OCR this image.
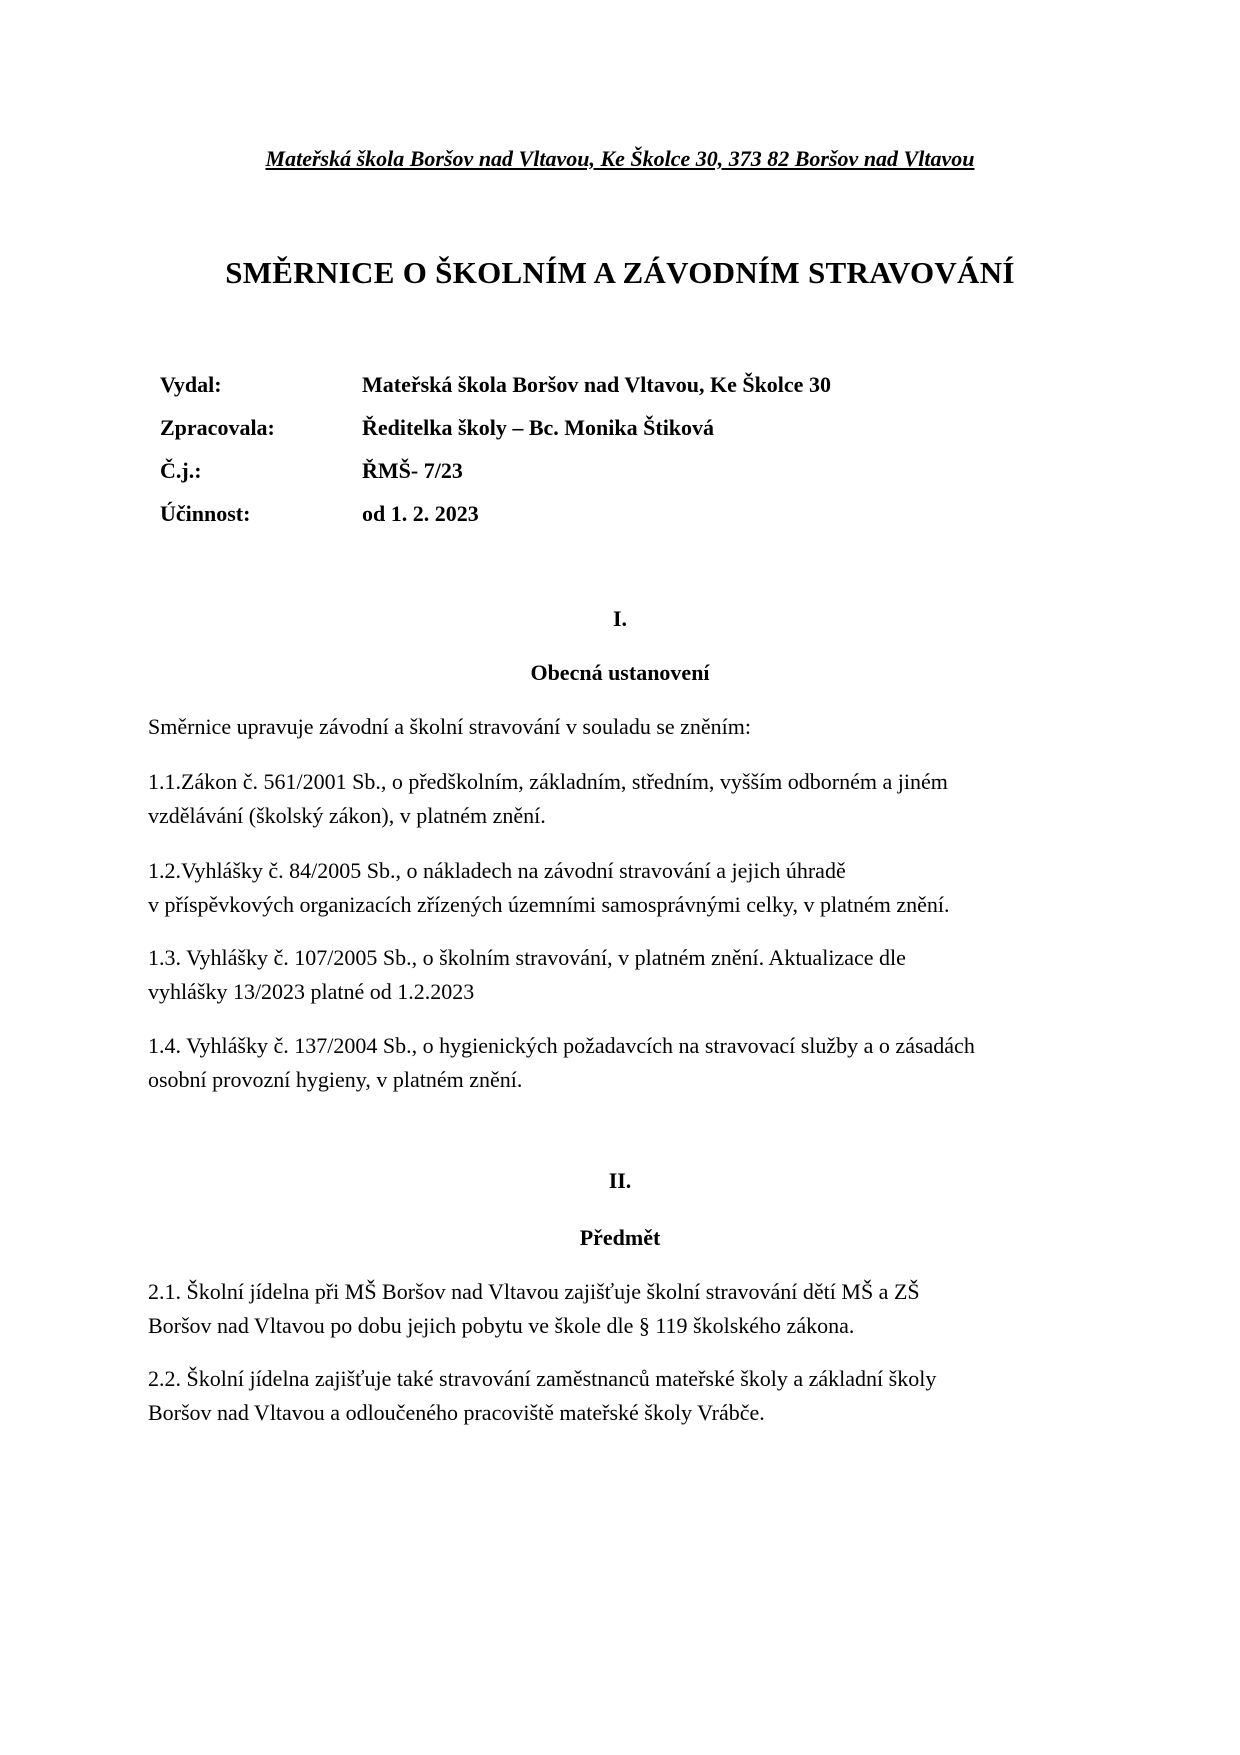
Mateřská škola Boršov nad Vltavou, Ke Školce 30, 373 82 Boršov nad Vltavou
SMĚRNICE O ŠKOLNÍM A ZÁVODNÍM STRAVOVÁNÍ
Vydal:	Mateřská škola Boršov nad Vltavou, Ke Školce 30
Zpracovala:	Ředitelka školy – Bc. Monika Štiková
Č.j.:	ŘMŠ- 7/23
Účinnost:	od 1. 2. 2023
I.
Obecná ustanovení
Směrnice upravuje závodní a školní stravování v souladu se zněním:
1.1.Zákon č. 561/2001 Sb., o předškolním, základním, středním, vyšším odborném a jiném
vzdělávání (školský zákon), v platném znění.
1.2.Vyhlášky č. 84/2005 Sb., o nákladech na závodní stravování a jejich úhradě
v příspěvkových organizacích zřízených územními samosprávnými celky, v platném znění.
1.3. Vyhlášky č. 107/2005 Sb., o školním stravování, v platném znění. Aktualizace dle
vyhlášky 13/2023 platné od 1.2.2023
1.4. Vyhlášky č. 137/2004 Sb., o hygienických požadavcích na stravovací služby a o zásadách
osobní provozní hygieny, v platném znění.
II.
Předmět
2.1. Školní jídelna při MŠ Boršov nad Vltavou zajišťuje školní stravování dětí MŠ a ZŠ
Boršov nad Vltavou po dobu jejich pobytu ve škole dle § 119 školského zákona.
2.2. Školní jídelna zajišťuje také stravování zaměstnanců mateřské školy a základní školy
Boršov nad Vltavou a odloučeného pracoviště mateřské školy Vrábče.
